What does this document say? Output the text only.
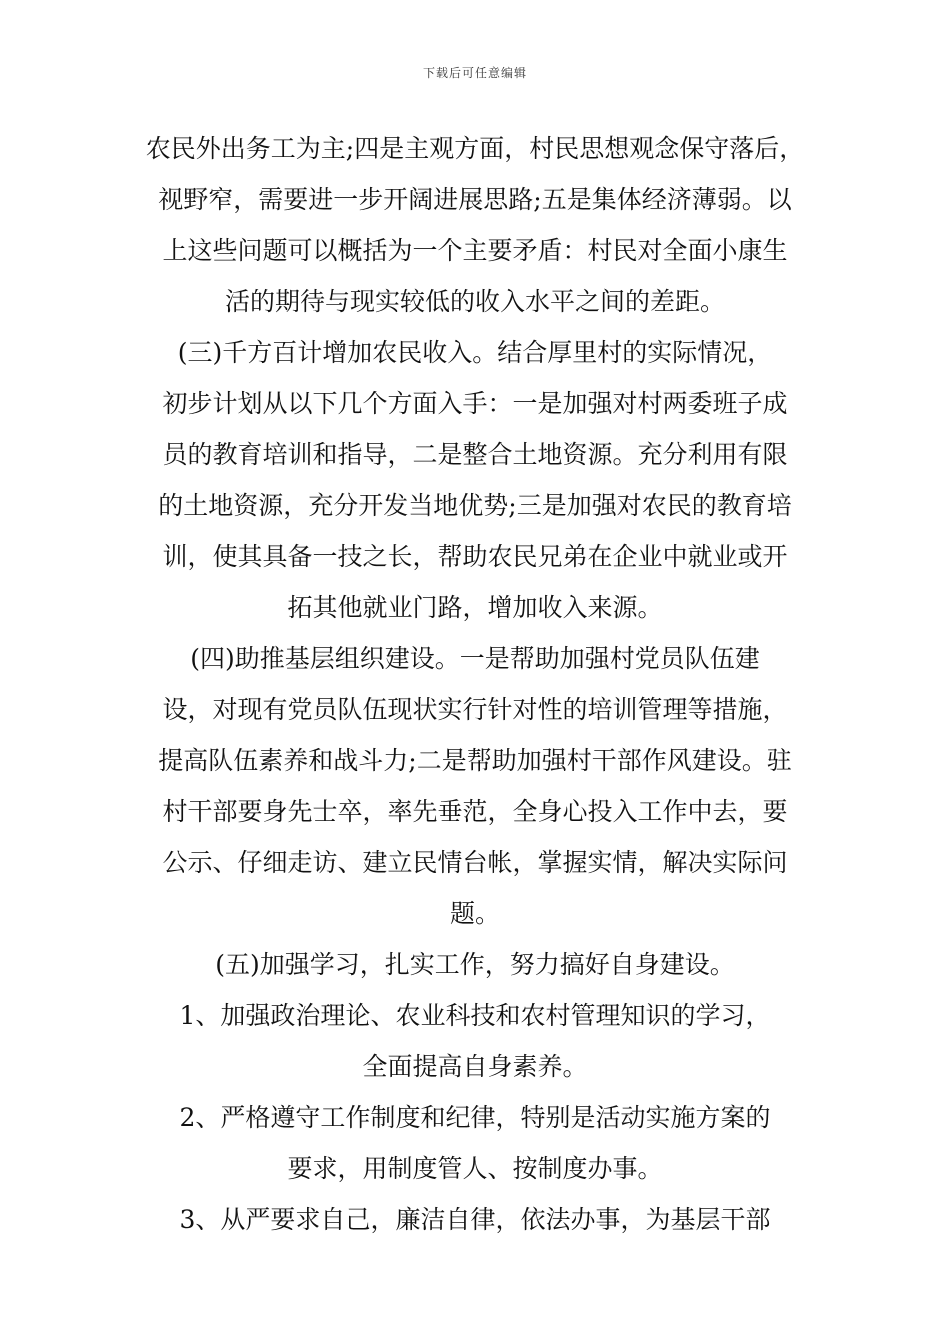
下载后可任意编辑
农民外出务工为主;四是主观方面，村民思想观念保守落后，
视野窄，需要进一步开阔进展思路;五是集体经济薄弱。以
上这些问题可以概括为一个主要矛盾：村民对全面小康生
活的期待与现实较低的收入水平之间的差距。
(三)千方百计增加农民收入。结合厚里村的实际情况，
初步计划从以下几个方面入手：一是加强对村两委班子成
员的教育培训和指导，二是整合土地资源。充分利用有限
的土地资源，充分开发当地优势;三是加强对农民的教育培
训，使其具备一技之长，帮助农民兄弟在企业中就业或开
拓其他就业门路，增加收入来源。
(四)助推基层组织建设。一是帮助加强村党员队伍建
设，对现有党员队伍现状实行针对性的培训管理等措施，
提高队伍素养和战斗力;二是帮助加强村干部作风建设。驻
村干部要身先士卒，率先垂范，全身心投入工作中去，要
公示、仔细走访、建立民情台帐，掌握实情，解决实际问
题。
(五)加强学习，扎实工作，努力搞好自身建设。
1、加强政治理论、农业科技和农村管理知识的学习，
全面提高自身素养。
2、严格遵守工作制度和纪律，特别是活动实施方案的
要求，用制度管人、按制度办事。
3、从严要求自己，廉洁自律，依法办事，为基层干部
